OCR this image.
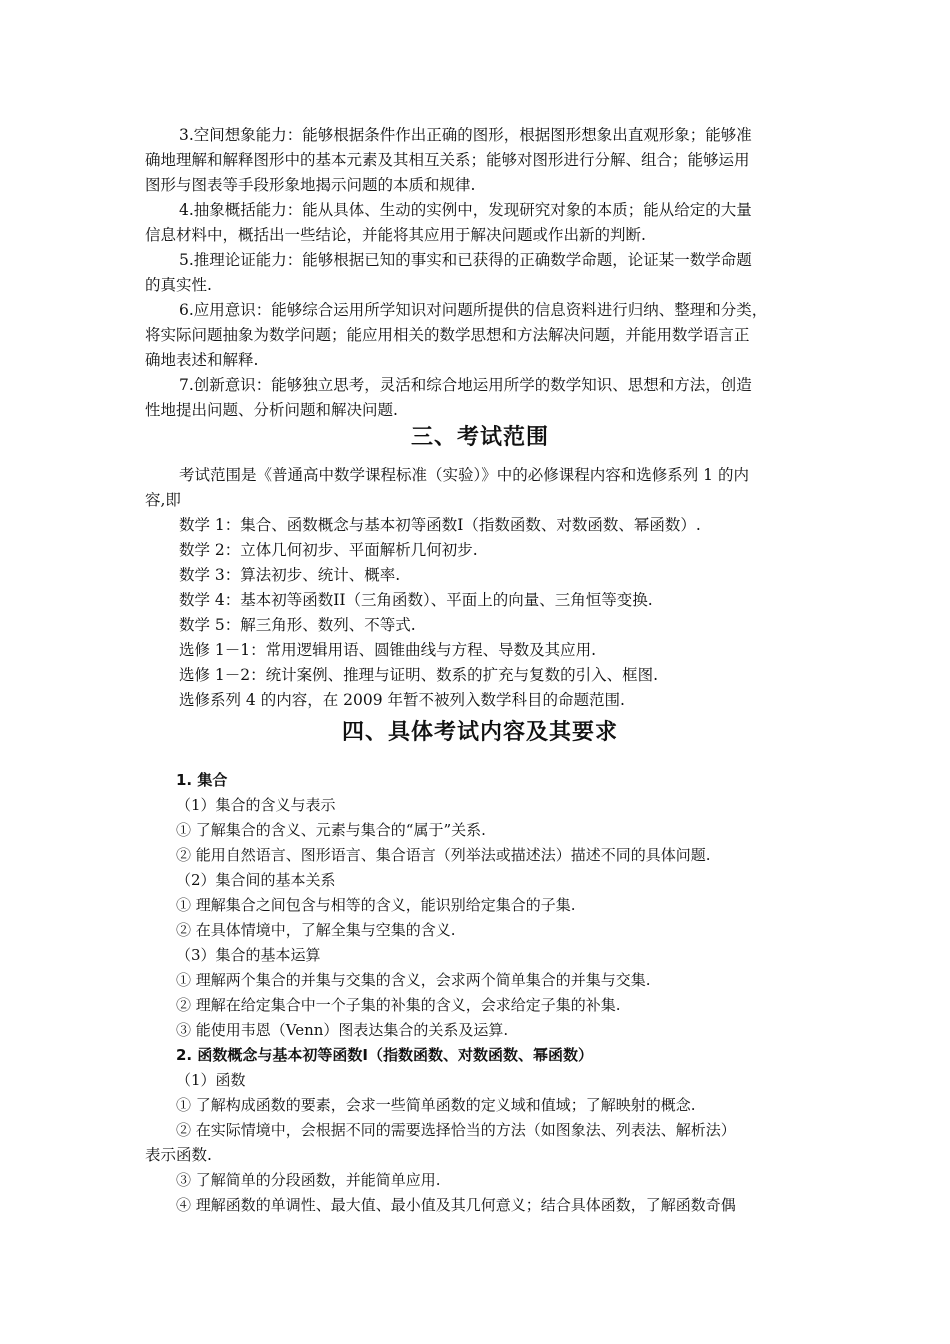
3.空间想象能力：能够根据条件作出正确的图形，根据图形想象出直观形象；能够准
确地理解和解释图形中的基本元素及其相互关系；能够对图形进行分解、组合；能够运用
图形与图表等手段形象地揭示问题的本质和规律.
4.抽象概括能力：能从具体、生动的实例中，发现研究对象的本质；能从给定的大量
信息材料中，概括出一些结论，并能将其应用于解决问题或作出新的判断.
5.推理论证能力：能够根据已知的事实和已获得的正确数学命题，论证某一数学命题
的真实性.
6.应用意识：能够综合运用所学知识对问题所提供的信息资料进行归纳、整理和分类，
将实际问题抽象为数学问题；能应用相关的数学思想和方法解决问题，并能用数学语言正
确地表述和解释.
7.创新意识：能够独立思考，灵活和综合地运用所学的数学知识、思想和方法，创造
性地提出问题、分析问题和解决问题.
三、考试范围
考试范围是《普通高中数学课程标准（实验）》中的必修课程内容和选修系列 1 的内
容,即
数学 1：集合、函数概念与基本初等函数Ⅰ（指数函数、对数函数、幂函数）.
数学 2：立体几何初步、平面解析几何初步.
数学 3：算法初步、统计、概率.
数学 4：基本初等函数II（三角函数）、平面上的向量、三角恒等变换.
数学 5：解三角形、数列、不等式.
选修 1－1：常用逻辑用语、圆锥曲线与方程、导数及其应用.
选修 1－2：统计案例、推理与证明、数系的扩充与复数的引入、框图.
选修系列 4 的内容，在 2009 年暂不被列入数学科目的命题范围.
四、具体考试内容及其要求
1. 集合
（1）集合的含义与表示
① 了解集合的含义、元素与集合的“属于”关系.
② 能用自然语言、图形语言、集合语言（列举法或描述法）描述不同的具体问题.
（2）集合间的基本关系
① 理解集合之间包含与相等的含义，能识别给定集合的子集.
② 在具体情境中，了解全集与空集的含义.
（3）集合的基本运算
① 理解两个集合的并集与交集的含义，会求两个简单集合的并集与交集.
② 理解在给定集合中一个子集的补集的含义，会求给定子集的补集.
③ 能使用韦恩（Venn）图表达集合的关系及运算.
2. 函数概念与基本初等函数Ⅰ（指数函数、对数函数、幂函数）
（1）函数
① 了解构成函数的要素，会求一些简单函数的定义域和值域；了解映射的概念.
② 在实际情境中，会根据不同的需要选择恰当的方法（如图象法、列表法、解析法）
表示函数.
③ 了解简单的分段函数，并能简单应用.
④ 理解函数的单调性、最大值、最小值及其几何意义；结合具体函数，了解函数奇偶
